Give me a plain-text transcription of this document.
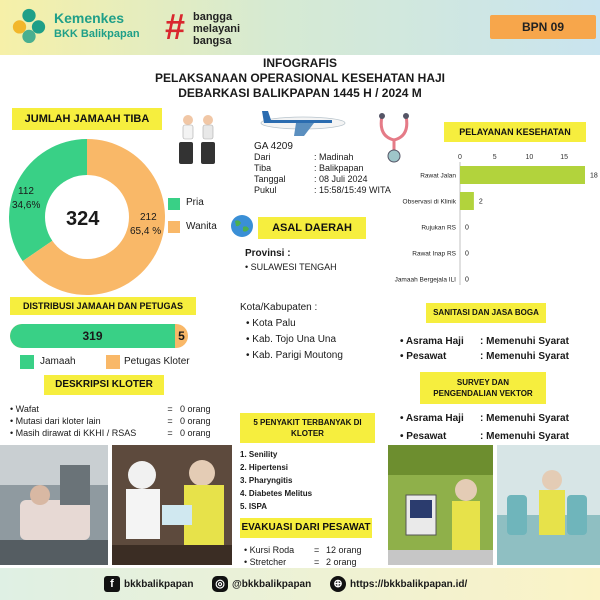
Kemenkes
BKK Balikpapan # bangga
melayani
bangsa
BPN 09
INFOGRAFIS
PELAKSANAAN OPERASIONAL KESEHATAN HAJI
DEBARKASI BALIKPAPAN 1445 H / 2024 M
JUMLAH JAMAAH TIBA
324
112
34,6%
212
65,4 %
Pria
Wanita
GA 4209
Dari	: Madinah
Tiba	: Balikpapan
Tanggal	: 08 Juli 2024
Pukul	: 15:58/15:49 WITA
ASAL DAERAH
Provinsi :
• SULAWESI TENGAH
Kota/Kabupaten :
• Kota Palu
• Kab. Tojo Una Una
• Kab. Parigi Moutong
PELAYANAN KESEHATAN
0	5	10	15
Rawat Jalan	18
Observasi di Klinik	2
Rujukan RS 0
Rawat Inap RS 0
Jamaah Bergejala ILI 0
DISTRIBUSI JAMAAH DAN PETUGAS
319	5
Jamaah	Petugas Kloter
DESKRIPSI KLOTER
• Wafat	= 0 orang
• Mutasi dari kloter lain	= 0 orang
• Masih dirawat di KKHI / RSAS	= 0 orang
SANITASI DAN JASA BOGA
• Asrama Haji	: Memenuhi Syarat
• Pesawat	: Memenuhi Syarat
SURVEY DAN
PENGENDALIAN VEKTOR
• Asrama Haji	: Memenuhi Syarat
• Pesawat	: Memenuhi Syarat
5 PENYAKIT TERBANYAK DI
KLOTER
1. Senility
2. Hipertensi
3. Pharyngitis
4. Diabetes Melitus
5. ISPA
EVAKUASI DARI PESAWAT
• Kursi Roda	= 12 orang
• Stretcher	= 2 orang
f	bkkbalikpapan ◎ @bkkbalikpapan	⊕ https://bkkbalikpapan.id/
